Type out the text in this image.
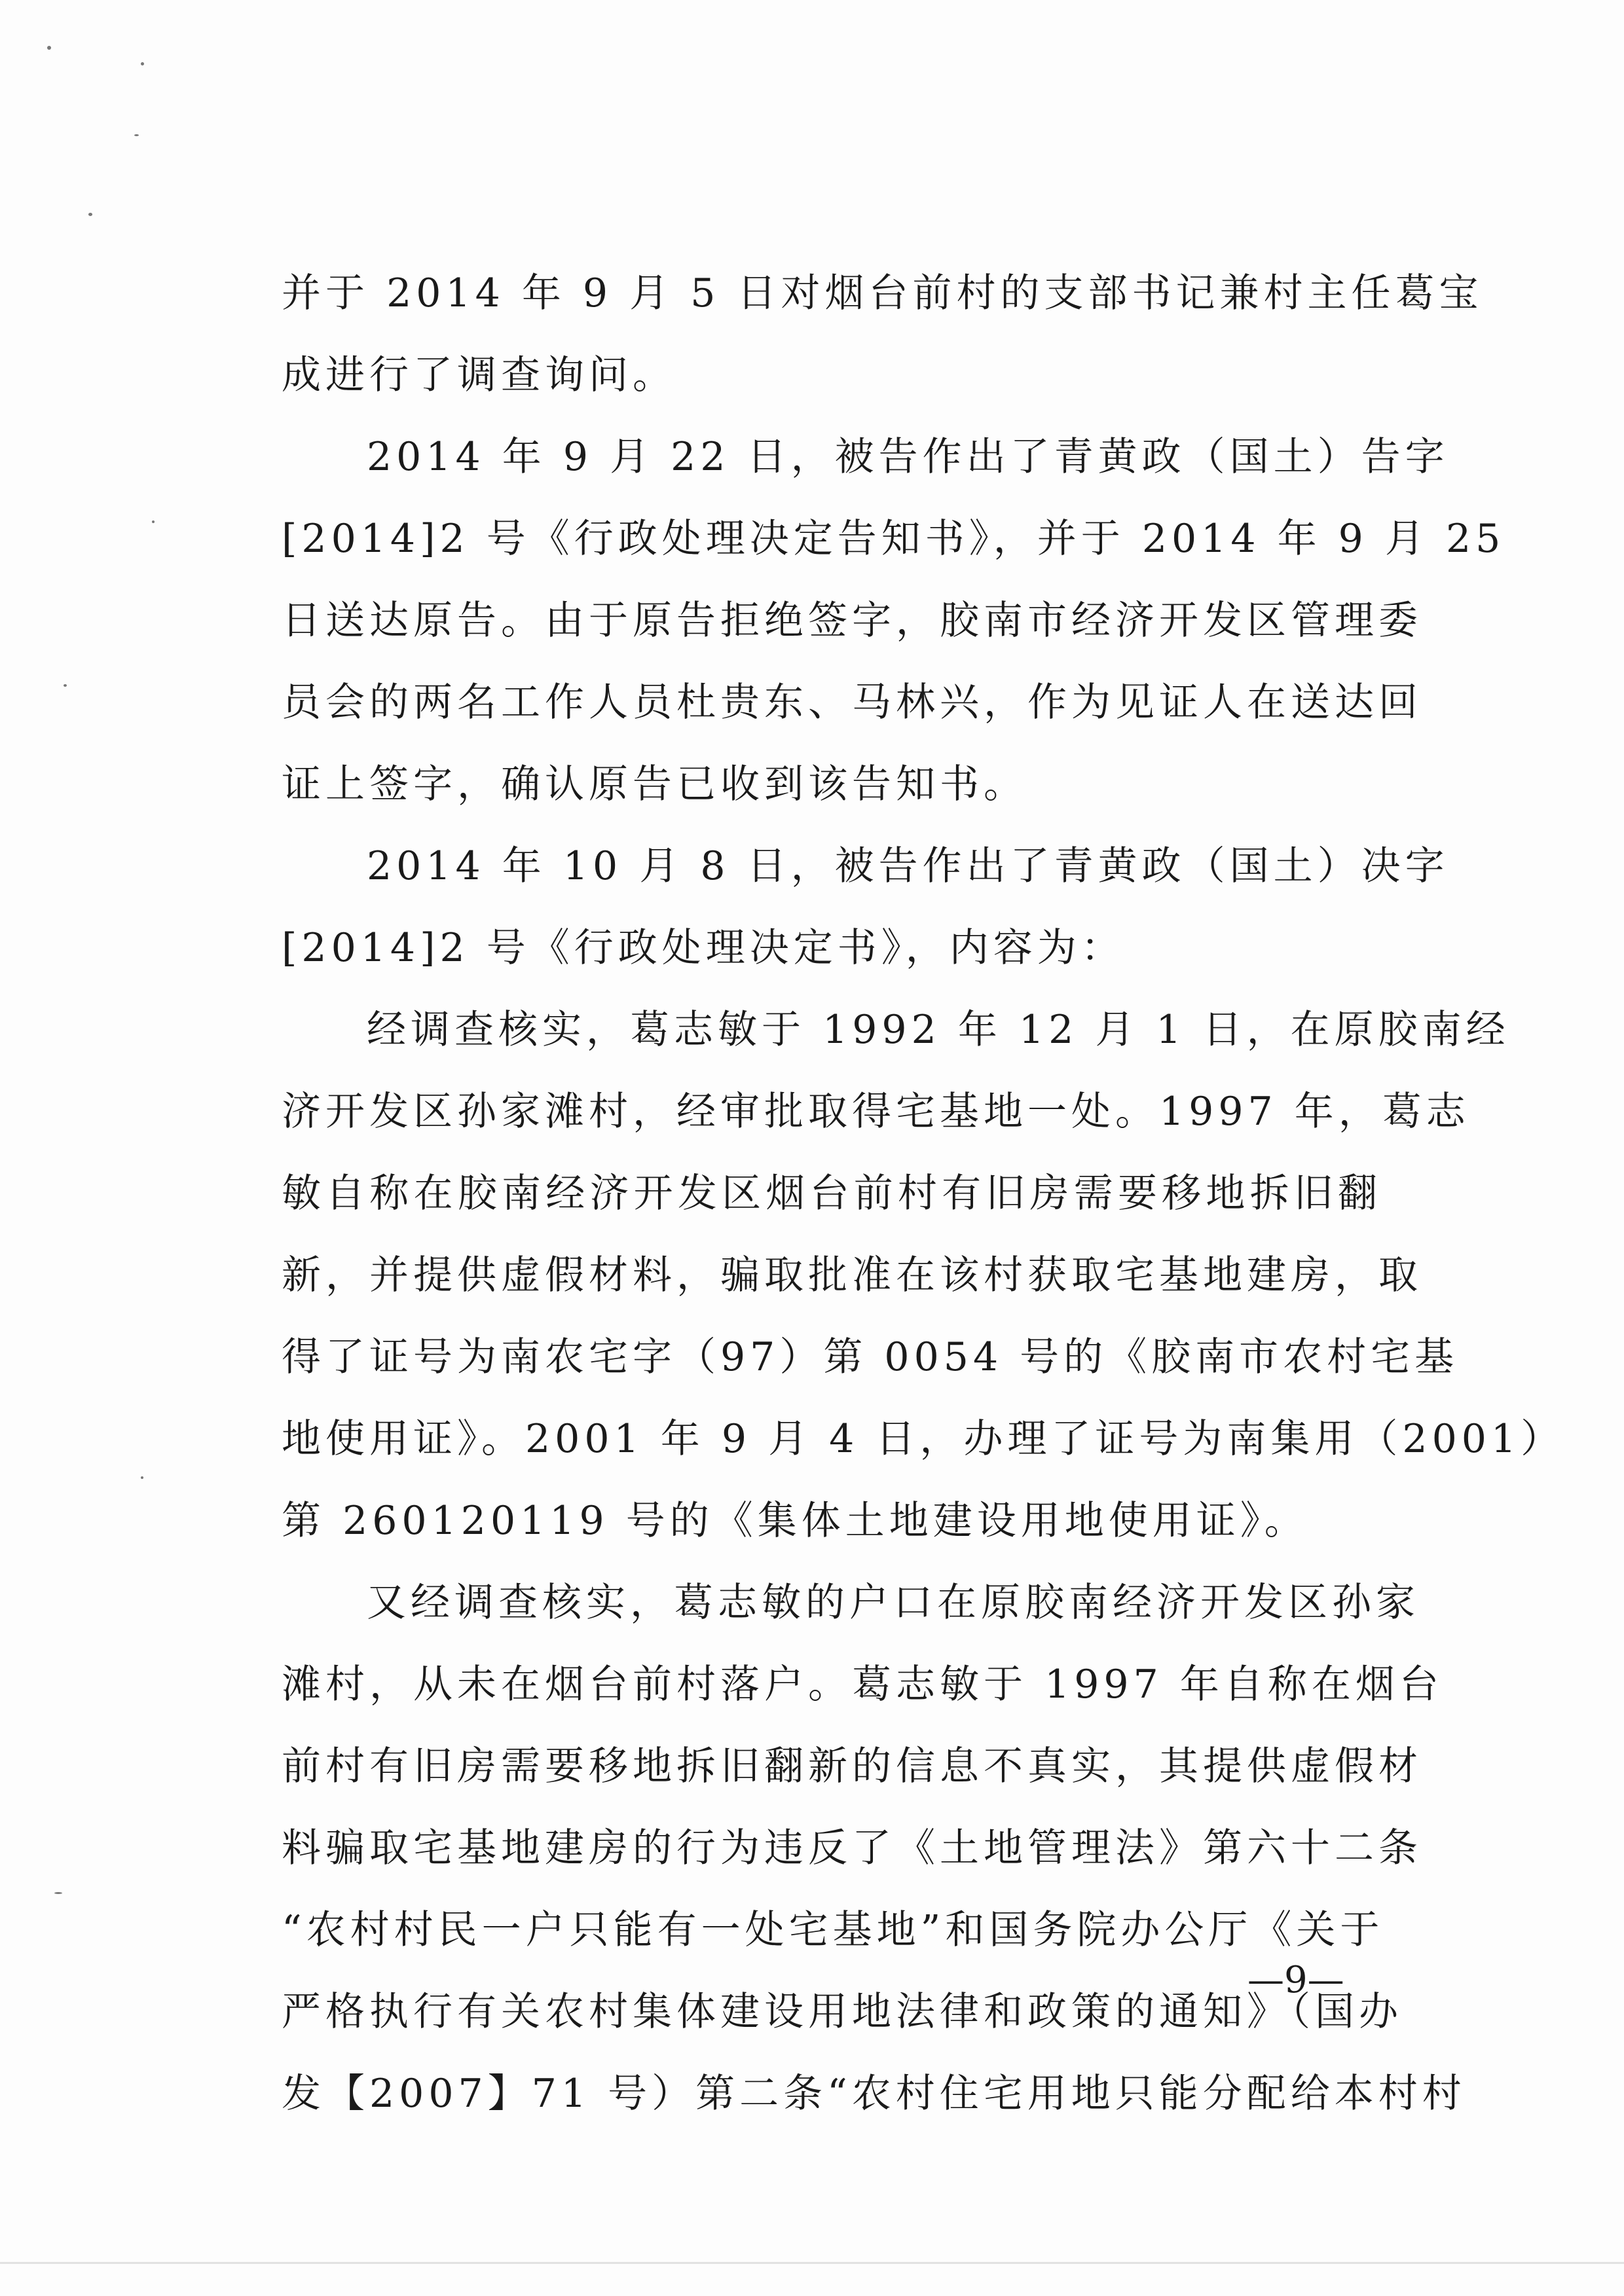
并于 2014 年 9 月 5 日对烟台前村的支部书记兼村主任葛宝
成进行了调查询问。
2014 年 9 月 22 日，被告作出了青黄政（国土）告字
[2014]2 号《行政处理决定告知书》，并于 2014 年 9 月 25
日送达原告。由于原告拒绝签字，胶南市经济开发区管理委
员会的两名工作人员杜贵东、马林兴，作为见证人在送达回
证上签字，确认原告已收到该告知书。
2014 年 10 月 8 日，被告作出了青黄政（国土）决字
[2014]2 号《行政处理决定书》，内容为：
经调查核实，葛志敏于 1992 年 12 月 1 日，在原胶南经
济开发区孙家滩村，经审批取得宅基地一处。1997 年，葛志
敏自称在胶南经济开发区烟台前村有旧房需要移地拆旧翻
新，并提供虚假材料，骗取批准在该村获取宅基地建房，取
得了证号为南农宅字（97）第 0054 号的《胶南市农村宅基
地使用证》。2001 年 9 月 4 日，办理了证号为南集用（2001）
第 260120119 号的《集体土地建设用地使用证》。
又经调查核实，葛志敏的户口在原胶南经济开发区孙家
滩村，从未在烟台前村落户。葛志敏于 1997 年自称在烟台
前村有旧房需要移地拆旧翻新的信息不真实，其提供虚假材
料骗取宅基地建房的行为违反了《土地管理法》第六十二条
“农村村民一户只能有一处宅基地”和国务院办公厅《关于
严格执行有关农村集体建设用地法律和政策的通知》（国办
发【2007】71 号）第二条“农村住宅用地只能分配给本村村
—9—
